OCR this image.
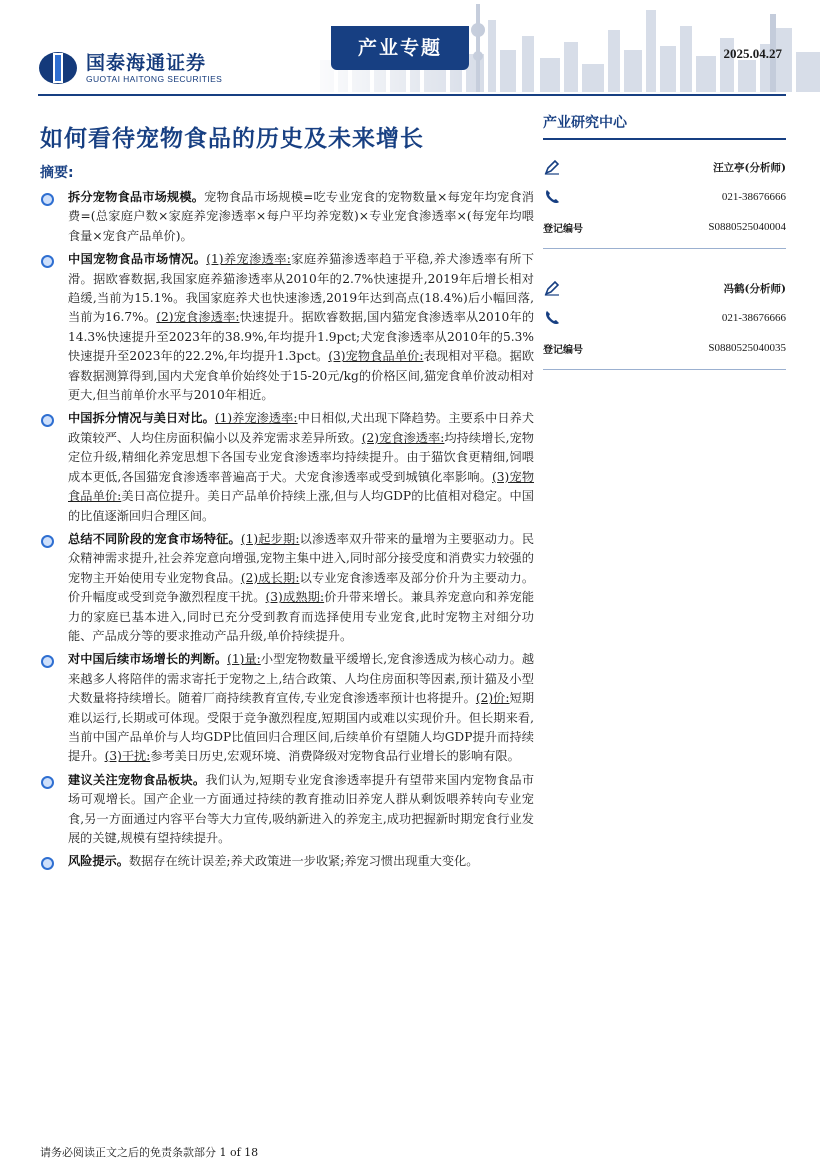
国泰海通证券
GUOTAI HAITONG SECURITIES
产业专题	2025.04.27
如何看待宠物食品的历史及未来增长
摘要:
拆分宠物食品市场规模。宠物食品市场规模=吃专业宠食的宠物数量×每宠年均宠食消费=(总家庭户数×家庭养宠渗透率×每户平均养宠数)×专业宠食渗透率×(每宠年均喂食量×宠食产品单价)。
中国宠物食品市场情况。(1)养宠渗透率:家庭养猫渗透率趋于平稳,养犬渗透率有所下滑。据欧睿数据,我国家庭养猫渗透率从2010年的2.7%快速提升,2019年后增长相对趋缓,当前为15.1%。我国家庭养犬也快速渗透,2019年达到高点(18.4%)后小幅回落,当前为16.7%。(2)宠食渗透率:快速提升。据欧睿数据,国内猫宠食渗透率从2010年的14.3%快速提升至2023年的38.9%,年均提升1.9pct;犬宠食渗透率从2010年的5.3%快速提升至2023年的22.2%,年均提升1.3pct。(3)宠物食品单价:表现相对平稳。据欧睿数据测算得到,国内犬宠食单价始终处于15-20元/kg的价格区间,猫宠食单价波动相对更大,但当前单价水平与2010年相近。
中国拆分情况与美日对比。(1)养宠渗透率:中日相似,犬出现下降趋势。主要系中日养犬政策较严、人均住房面积偏小以及养宠需求差异所致。(2)宠食渗透率:均持续增长,宠物定位升级,精细化养宠思想下各国专业宠食渗透率均持续提升。由于猫饮食更精细,饲喂成本更低,各国猫宠食渗透率普遍高于犬。犬宠食渗透率或受到城镇化率影响。(3)宠物食品单价:美日高位提升。美日产品单价持续上涨,但与人均GDP的比值相对稳定。中国的比值逐渐回归合理区间。
总结不同阶段的宠食市场特征。(1)起步期:以渗透率双升带来的量增为主要驱动力。民众精神需求提升,社会养宠意向增强,宠物主集中进入,同时部分接受度和消费实力较强的宠物主开始使用专业宠物食品。(2)成长期:以专业宠食渗透率及部分价升为主要动力。价升幅度或受到竞争激烈程度干扰。(3)成熟期:价升带来增长。兼具养宠意向和养宠能力的家庭已基本进入,同时已充分受到教育而选择使用专业宠食,此时宠物主对细分功能、产品成分等的要求推动产品升级,单价持续提升。
对中国后续市场增长的判断。(1)量:小型宠物数量平缓增长,宠食渗透成为核心动力。越来越多人将陪伴的需求寄托于宠物之上,结合政策、人均住房面积等因素,预计猫及小型犬数量将持续增长。随着厂商持续教育宣传,专业宠食渗透率预计也将提升。(2)价:短期难以运行,长期或可体现。受限于竞争激烈程度,短期国内或难以实现价升。但长期来看,当前中国产品单价与人均GDP比值回归合理区间,后续单价有望随人均GDP提升而持续提升。(3)干扰:参考美日历史,宏观环境、消费降级对宠物食品行业增长的影响有限。
建议关注宠物食品板块。我们认为,短期专业宠食渗透率提升有望带来国内宠物食品市场可观增长。国产企业一方面通过持续的教育推动旧养宠人群从剩饭喂养转向专业宠食,另一方面通过内容平台等大力宣传,吸纳新进入的养宠主,成功把握新时期宠食行业发展的关键,规模有望持续提升。
风险提示。数据存在统计误差;养犬政策进一步收紧;养宠习惯出现重大变化。
产业研究中心
汪立亭(分析师)
021-38676666
登记编号	S0880525040004
冯鹤(分析师)
021-38676666
登记编号	S0880525040035
请务必阅读正文之后的免责条款部分 1 of 18
